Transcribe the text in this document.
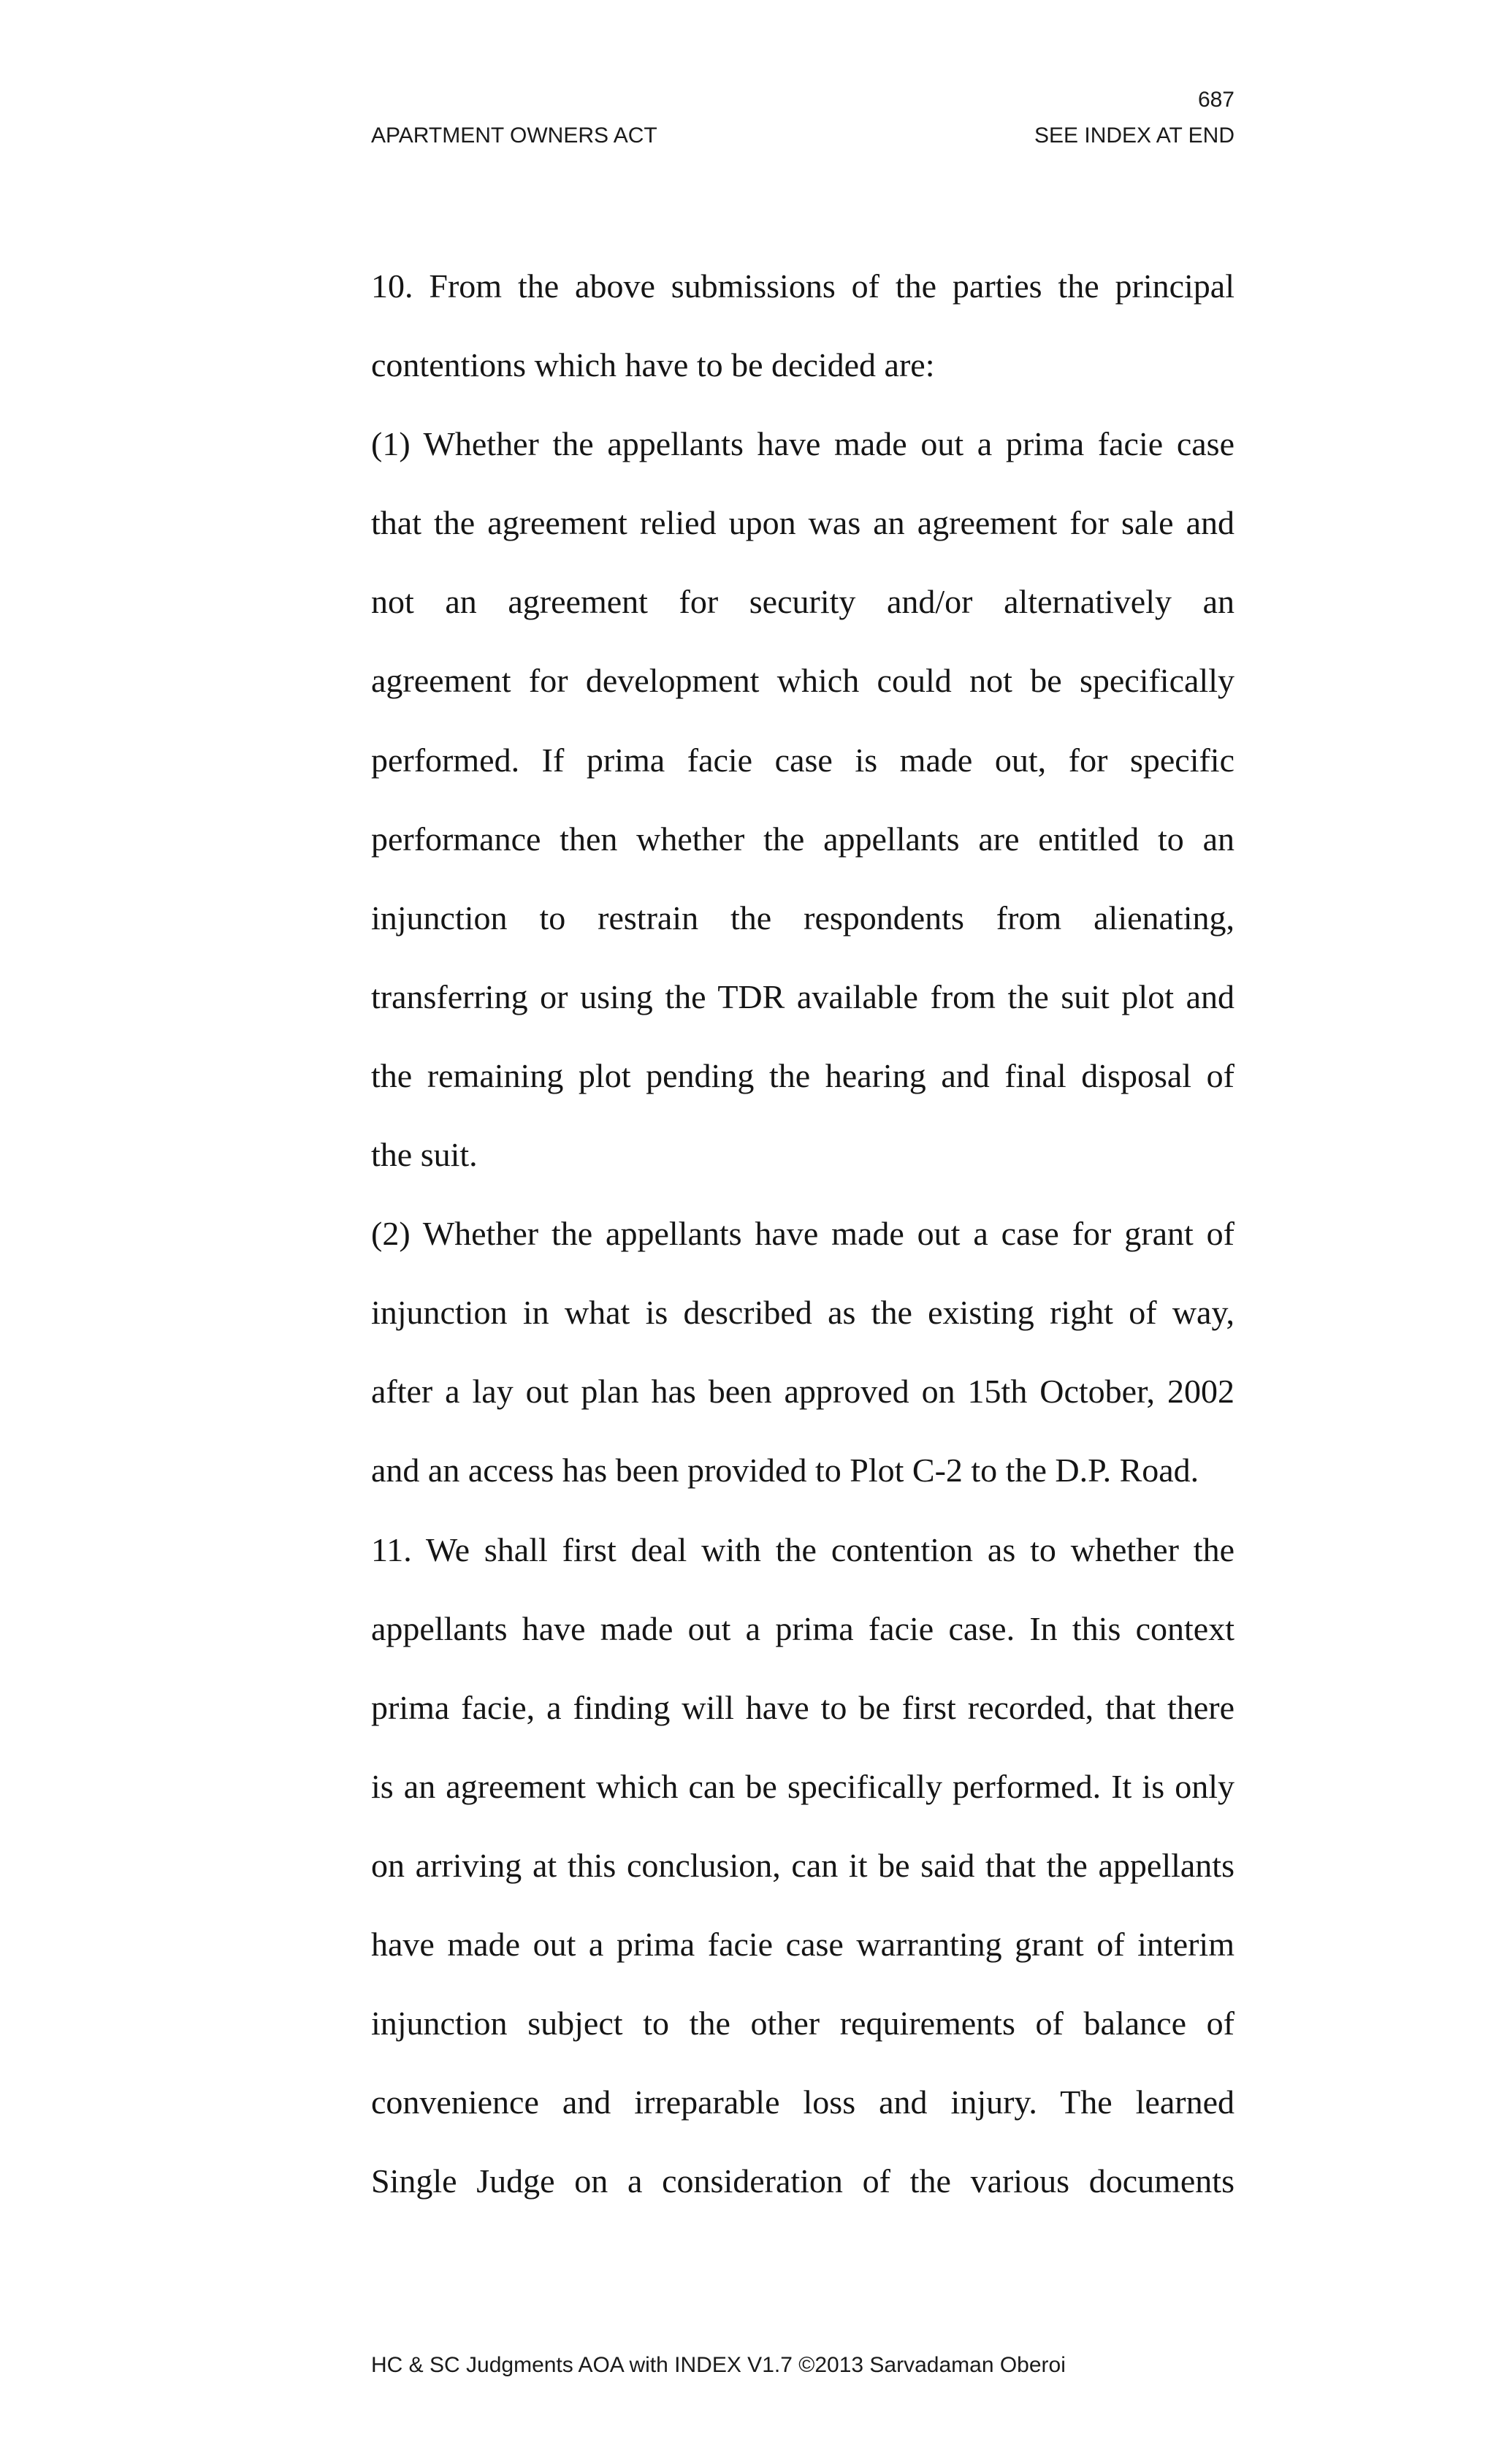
687
APARTMENT OWNERS ACT	SEE INDEX AT END
10. From the above submissions of the parties the principal
contentions which have to be decided are:
(1) Whether the appellants have made out a prima facie case
that the agreement relied upon was an agreement for sale and
not an agreement for security and/or alternatively an
agreement for development which could not be specifically
performed. If prima facie case is made out, for specific
performance then whether the appellants are entitled to an
injunction to restrain the respondents from alienating,
transferring or using the TDR available from the suit plot and
the remaining plot pending the hearing and final disposal of
the suit.
(2) Whether the appellants have made out a case for grant of
injunction in what is described as the existing right of way,
after a lay out plan has been approved on 15th October, 2002
and an access has been provided to Plot C-2 to the D.P. Road.
11. We shall first deal with the contention as to whether the
appellants have made out a prima facie case. In this context
prima facie, a finding will have to be first recorded, that there
is an agreement which can be specifically performed. It is only
on arriving at this conclusion, can it be said that the appellants
have made out a prima facie case warranting grant of interim
injunction subject to the other requirements of balance of
convenience and irreparable loss and injury. The learned
Single Judge on a consideration of the various documents
HC & SC Judgments AOA with INDEX V1.7 ©2013 Sarvadaman Oberoi
